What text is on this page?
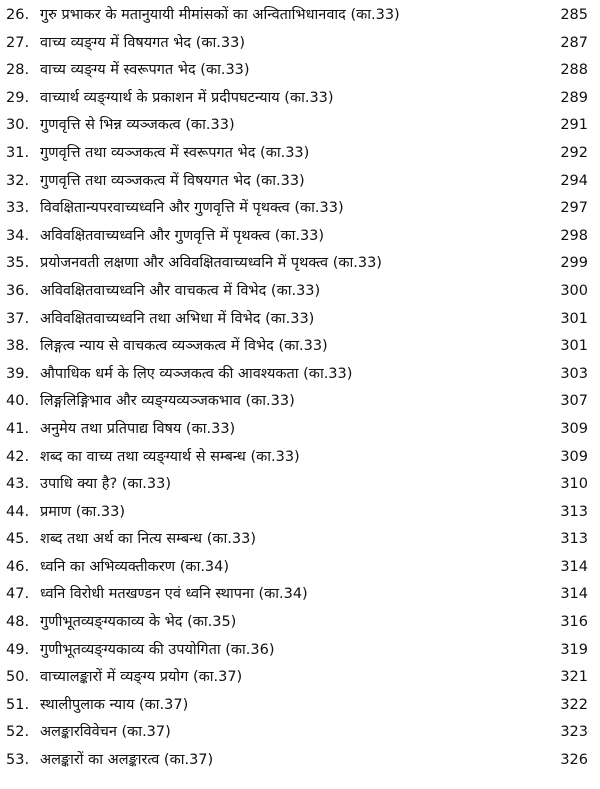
26. गुरु प्रभाकर के मतानुयायी मीमांसकों का अन्विताभिधानवाद (का.33)	285
27. वाच्य व्यङ्ग्य में विषयगत भेद (का.33)	287
28. वाच्य व्यङ्ग्य में स्वरूपगत भेद (का.33)	288
29. वाच्यार्थ व्यङ्ग्यार्थ के प्रकाशन में प्रदीपघटन्याय (का.33)	289
30. गुणवृत्ति से भिन्न व्यञ्जकत्व (का.33)	291
31. गुणवृत्ति तथा व्यञ्जकत्व में स्वरूपगत भेद (का.33)	292
32. गुणवृत्ति तथा व्यञ्जकत्व में विषयगत भेद (का.33)	294
33. विवक्षितान्यपरवाच्यध्वनि और गुणवृत्ति में पृथक्त्व (का.33)	297
34. अविवक्षितवाच्यध्वनि और गुणवृत्ति में पृथक्त्व (का.33)	298
35. प्रयोजनवती लक्षणा और अविवक्षितवाच्यध्वनि में पृथक्त्व (का.33)	299
36. अविवक्षितवाच्यध्वनि और वाचकत्व में विभेद (का.33)	300
37. अविवक्षितवाच्यध्वनि तथा अभिधा में विभेद (का.33)	301
38. लिङ्गत्व न्याय से वाचकत्व व्यञ्जकत्व में विभेद (का.33)	301
39. औपाधिक धर्म के लिए व्यञ्जकत्व की आवश्यकता (का.33)	303
40. लिङ्गलिङ्गिभाव और व्यङ्ग्यव्यञ्जकभाव (का.33)	307
41. अनुमेय तथा प्रतिपाद्य विषय (का.33)	309
42. शब्द का वाच्य तथा व्यङ्ग्यार्थ से सम्बन्ध (का.33)	309
43. उपाधि क्या है? (का.33)	310
44. प्रमाण (का.33)	313
45. शब्द तथा अर्थ का नित्य सम्बन्ध (का.33)	313
46. ध्वनि का अभिव्यक्तीकरण (का.34)	314
47. ध्वनि विरोधी मतखण्डन एवं ध्वनि स्थापना (का.34)	314
48. गुणीभूतव्यङ्ग्यकाव्य के भेद (का.35)	316
49. गुणीभूतव्यङ्ग्यकाव्य की उपयोगिता (का.36)	319
50. वाच्यालङ्कारों में व्यङ्ग्य प्रयोग (का.37)	321
51. स्थालीपुलाक न्याय (का.37)	322
52. अलङ्कारविवेचन (का.37)	323
53. अलङ्कारों का अलङ्कारत्व (का.37)	326
